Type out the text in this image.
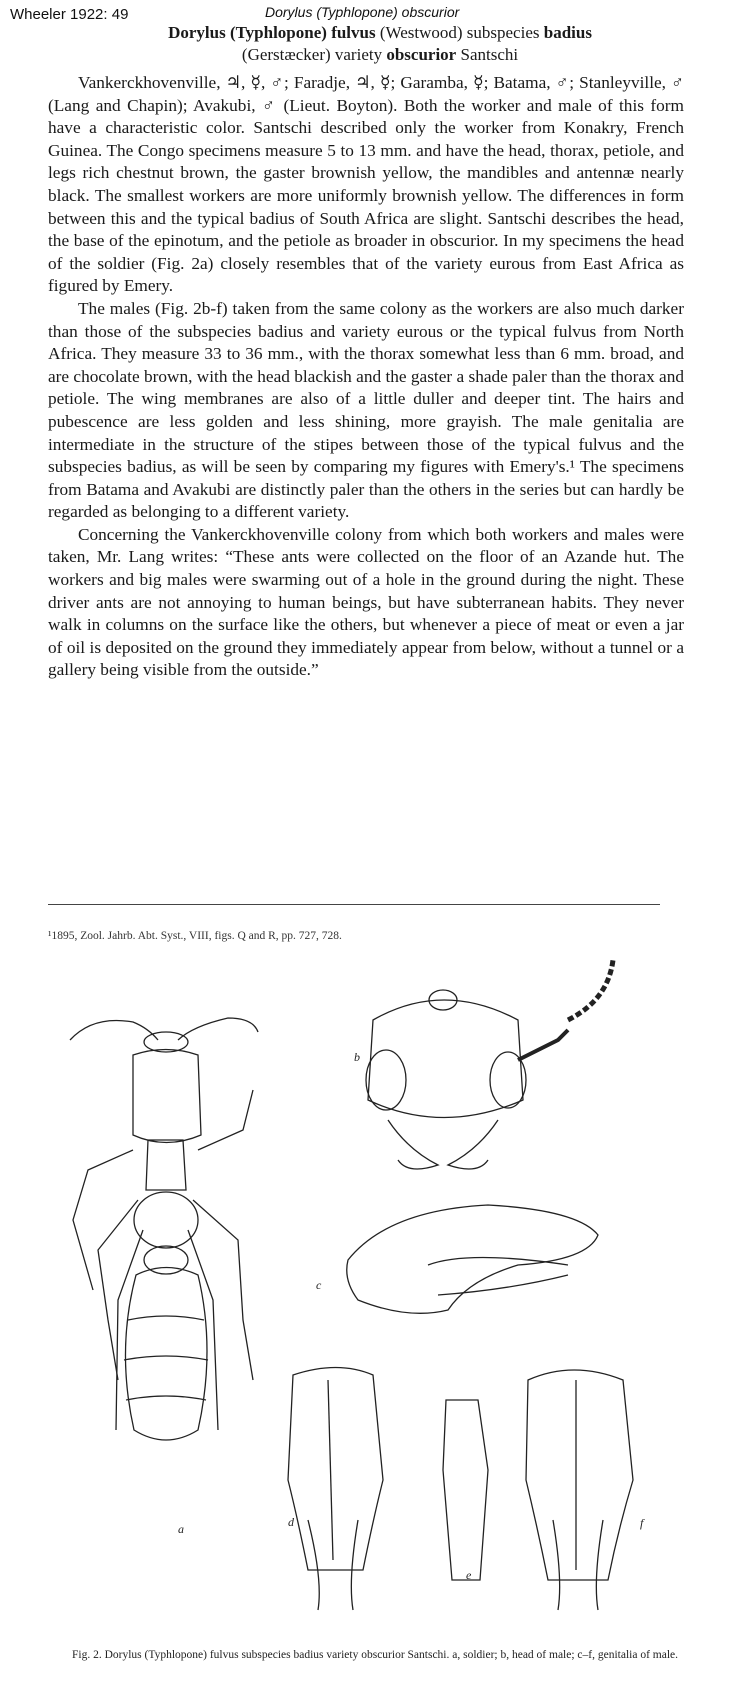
Wheeler 1922: 49	Dorylus (Typhlopone) obscurior
Dorylus (Typhlopone) fulvus (Westwood) subspecies badius
(Gerstæcker) variety obscurior Santschi

Vankerckhovenville, ♃, ☿, ♂; Faradje, ♃, ☿; Garamba, ☿; Batama, ♂; Stanleyville, ♂ (Lang and Chapin); Avakubi, ♂ (Lieut. Boyton). Both the worker and male of this form have a characteristic color. Santschi described only the worker from Konakry, French Guinea. The Congo specimens measure 5 to 13 mm. and have the head, thorax, petiole, and legs rich chestnut brown, the gaster brownish yellow, the mandibles and antennæ nearly black. The smallest workers are more uniformly brownish yellow. The differences in form between this and the typical badius of South Africa are slight. Santschi describes the head, the base of the epinotum, and the petiole as broader in obscurior. In my specimens the head of the soldier (Fig. 2a) closely resembles that of the variety eurous from East Africa as figured by Emery.

The males (Fig. 2b-f) taken from the same colony as the workers are also much darker than those of the subspecies badius and variety eurous or the typical fulvus from North Africa. They measure 33 to 36 mm., with the thorax somewhat less than 6 mm. broad, and are chocolate brown, with the head blackish and the gaster a shade paler than the thorax and petiole. The wing membranes are also of a little duller and deeper tint. The hairs and pubescence are less golden and less shining, more grayish. The male genitalia are intermediate in the structure of the stipes between those of the typical fulvus and the subspecies badius, as will be seen by comparing my figures with Emery's.¹ The specimens from Batama and Avakubi are distinctly paler than the others in the series but can hardly be regarded as belonging to a different variety.

Concerning the Vankerckhovenville colony from which both workers and males were taken, Mr. Lang writes: “These ants were collected on the floor of an Azande hut. The workers and big males were swarming out of a hole in the ground during the night. These driver ants are not annoying to human beings, but have subterranean habits. They never walk in columns on the surface like the others, but whenever a piece of meat or even a jar of oil is deposited on the ground they immediately appear from below, without a tunnel or a gallery being visible from the outside.”

¹1895, Zool. Jahrb. Abt. Syst., VIII, figs. Q and R, pp. 727, 728.
a
b
c
d
e
f
Fig. 2. Dorylus (Typhlopone) fulvus subspecies badius variety obscurior Santschi. a, soldier; b, head of male; c–f, genitalia of male.
